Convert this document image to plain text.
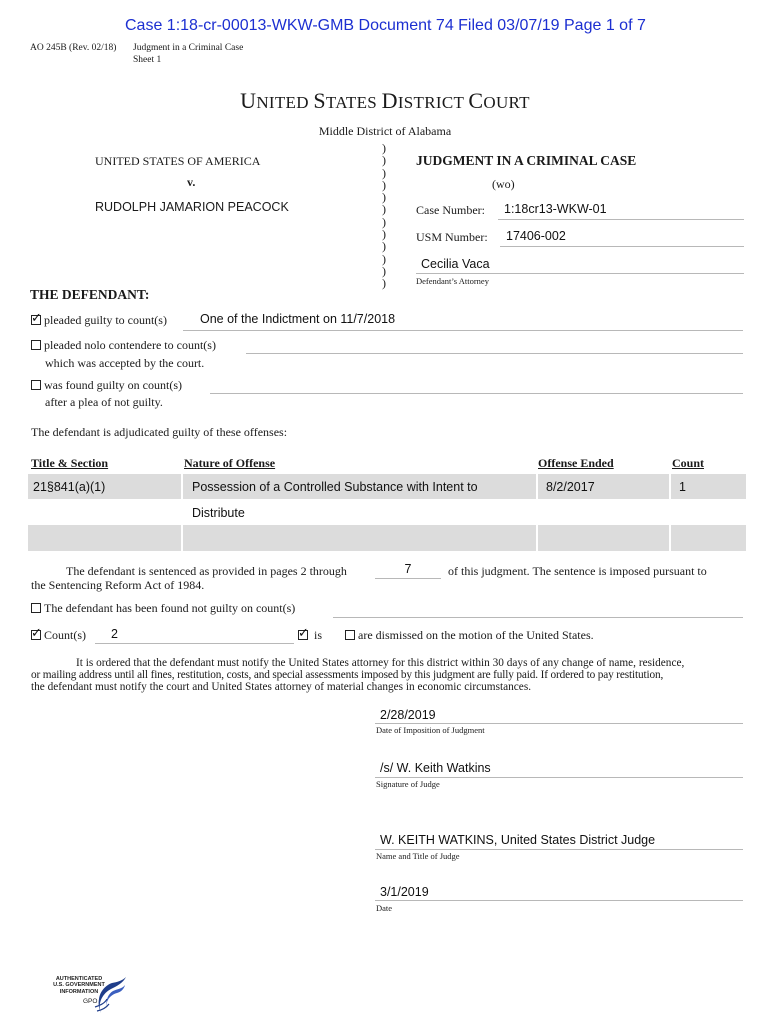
Case 1:18-cr-00013-WKW-GMB Document 74 Filed 03/07/19 Page 1 of 7
AO 245B (Rev. 02/18) Judgment in a Criminal Case
Sheet 1
UNITED STATES DISTRICT COURT
Middle District of Alabama
UNITED STATES OF AMERICA
v.
RUDOLPH JAMARION PEACOCK
)
)
)
)
)
)
)
)
)
)
)
)
JUDGMENT IN A CRIMINAL CASE
(wo)
Case Number: 1:18cr13-WKW-01
USM Number: 17406-002
Cecilia Vaca
Defendant’s Attorney
THE DEFENDANT:
✓pleaded guilty to count(s)	One of the Indictment on 11/7/2018
pleaded nolo contendere to count(s)
which was accepted by the court.
was found guilty on count(s)
after a plea of not guilty.
The defendant is adjudicated guilty of these offenses:
Title & Section	Nature of Offense	Offense Ended	Count
21§841(a)(1)	Possession of a Controlled Substance with Intent to
Distribute
8/2/2017	1
The defendant is sentenced as provided in pages 2 through	7	of this judgment. The sentence is imposed pursuant to
the Sentencing Reform Act of 1984.
The defendant has been found not guilty on count(s)
✓Count(s) 2
✓	is	are dismissed on the motion of the United States.
It is ordered that the defendant must notify the United States attorney for this district within 30 days of any change of name, residence,
or mailing address until all fines, restitution, costs, and special assessments imposed by this judgment are fully paid. If ordered to pay restitution,
the defendant must notify the court and United States attorney of material changes in economic circumstances.
2/28/2019
Date of Imposition of Judgment
/s/ W. Keith Watkins
Signature of Judge
W. KEITH WATKINS, United States District Judge
Name and Title of Judge
3/1/2019
Date
AUTHENTICATED
U.S. GOVERNMENT
INFORMATION
GPO
